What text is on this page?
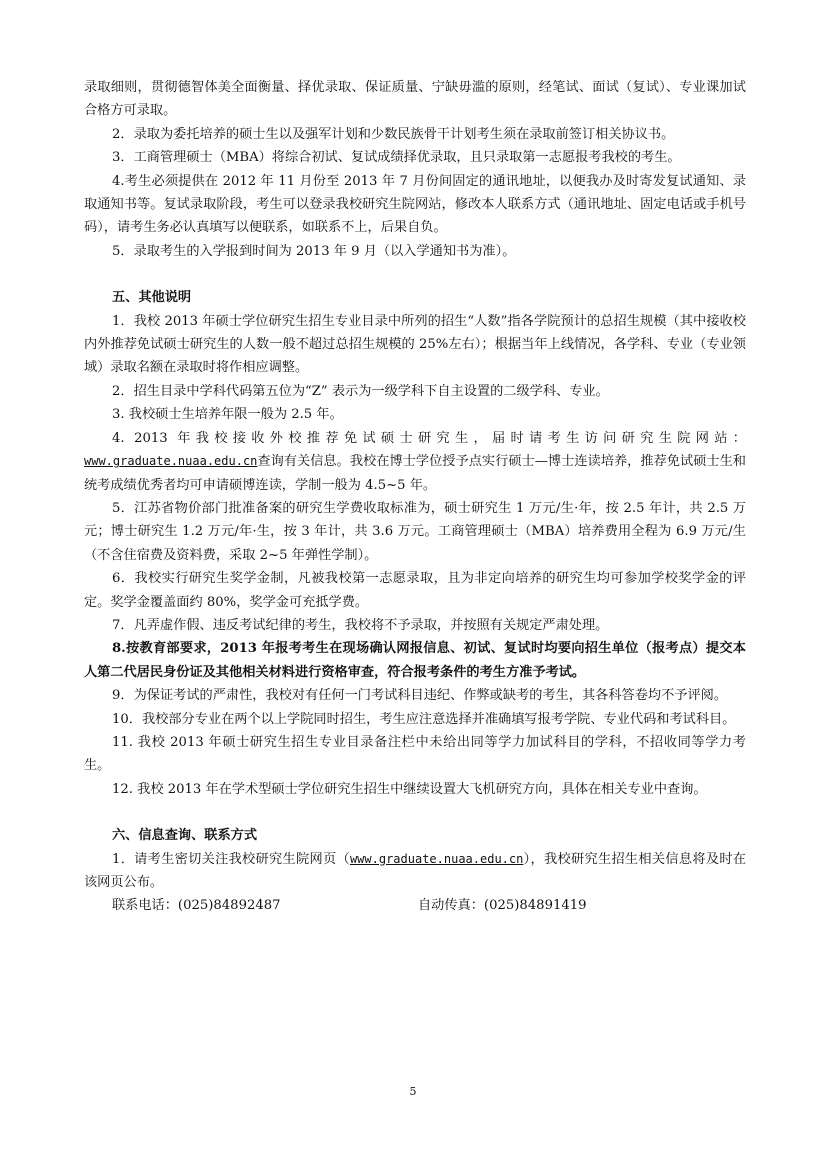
录取细则，贯彻德智体美全面衡量、择优录取、保证质量、宁缺毋滥的原则，经笔试、面试（复试）、专业课加试合格方可录取。

2．录取为委托培养的硕士生以及强军计划和少数民族骨干计划考生须在录取前签订相关协议书。

3．工商管理硕士（MBA）将综合初试、复试成绩择优录取，且只录取第一志愿报考我校的考生。

4.考生必须提供在 2012 年 11 月份至 2013 年 7 月份间固定的通讯地址，以便我办及时寄发复试通知、录取通知书等。复试录取阶段，考生可以登录我校研究生院网站，修改本人联系方式（通讯地址、固定电话或手机号码），请考生务必认真填写以便联系，如联系不上，后果自负。

5．录取考生的入学报到时间为 2013 年 9 月（以入学通知书为准）。

五、其他说明

1．我校 2013 年硕士学位研究生招生专业目录中所列的招生“人数”指各学院预计的总招生规模（其中接收校内外推荐免试硕士研究生的人数一般不超过总招生规模的 25%左右）；根据当年上线情况，各学科、专业（专业领域）录取名额在录取时将作相应调整。

2．招生目录中学科代码第五位为“Z” 表示为一级学科下自主设置的二级学科、专业。

3. 我校硕士生培养年限一般为 2.5 年。

4. 2013 年我校接收外校推荐免试硕士研究生，届时请考生访问研究生院网站：www.graduate.nuaa.edu.cn查询有关信息。我校在博士学位授予点实行硕士—博士连读培养，推荐免试硕士生和统考成绩优秀者均可申请硕博连读，学制一般为 4.5~5 年。

5．江苏省物价部门批准备案的研究生学费收取标准为，硕士研究生 1 万元/生·年，按 2.5 年计，共 2.5 万元；博士研究生 1.2 万元/年·生，按 3 年计，共 3.6 万元。工商管理硕士（MBA）培养费用全程为 6.9 万元/生（不含住宿费及资料费，采取 2~5 年弹性学制）。

6．我校实行研究生奖学金制，凡被我校第一志愿录取，且为非定向培养的研究生均可参加学校奖学金的评定。奖学金覆盖面约 80%，奖学金可充抵学费。

7．凡弄虚作假、违反考试纪律的考生，我校将不予录取，并按照有关规定严肃处理。

8.按教育部要求，2013 年报考考生在现场确认网报信息、初试、复试时均要向招生单位（报考点）提交本人第二代居民身份证及其他相关材料进行资格审查，符合报考条件的考生方准予考试。

9．为保证考试的严肃性，我校对有任何一门考试科目违纪、作弊或缺考的考生，其各科答卷均不予评阅。

10．我校部分专业在两个以上学院同时招生，考生应注意选择并准确填写报考学院、专业代码和考试科目。

11. 我校 2013 年硕士研究生招生专业目录备注栏中未给出同等学力加试科目的学科，不招收同等学力考生。

12. 我校 2013 年在学术型硕士学位研究生招生中继续设置大飞机研究方向，具体在相关专业中查询。

六、信息查询、联系方式

1．请考生密切关注我校研究生院网页（www.graduate.nuaa.edu.cn），我校研究生招生相关信息将及时在该网页公布。

联系电话：(025)84892487	自动传真：(025)84891419

5
